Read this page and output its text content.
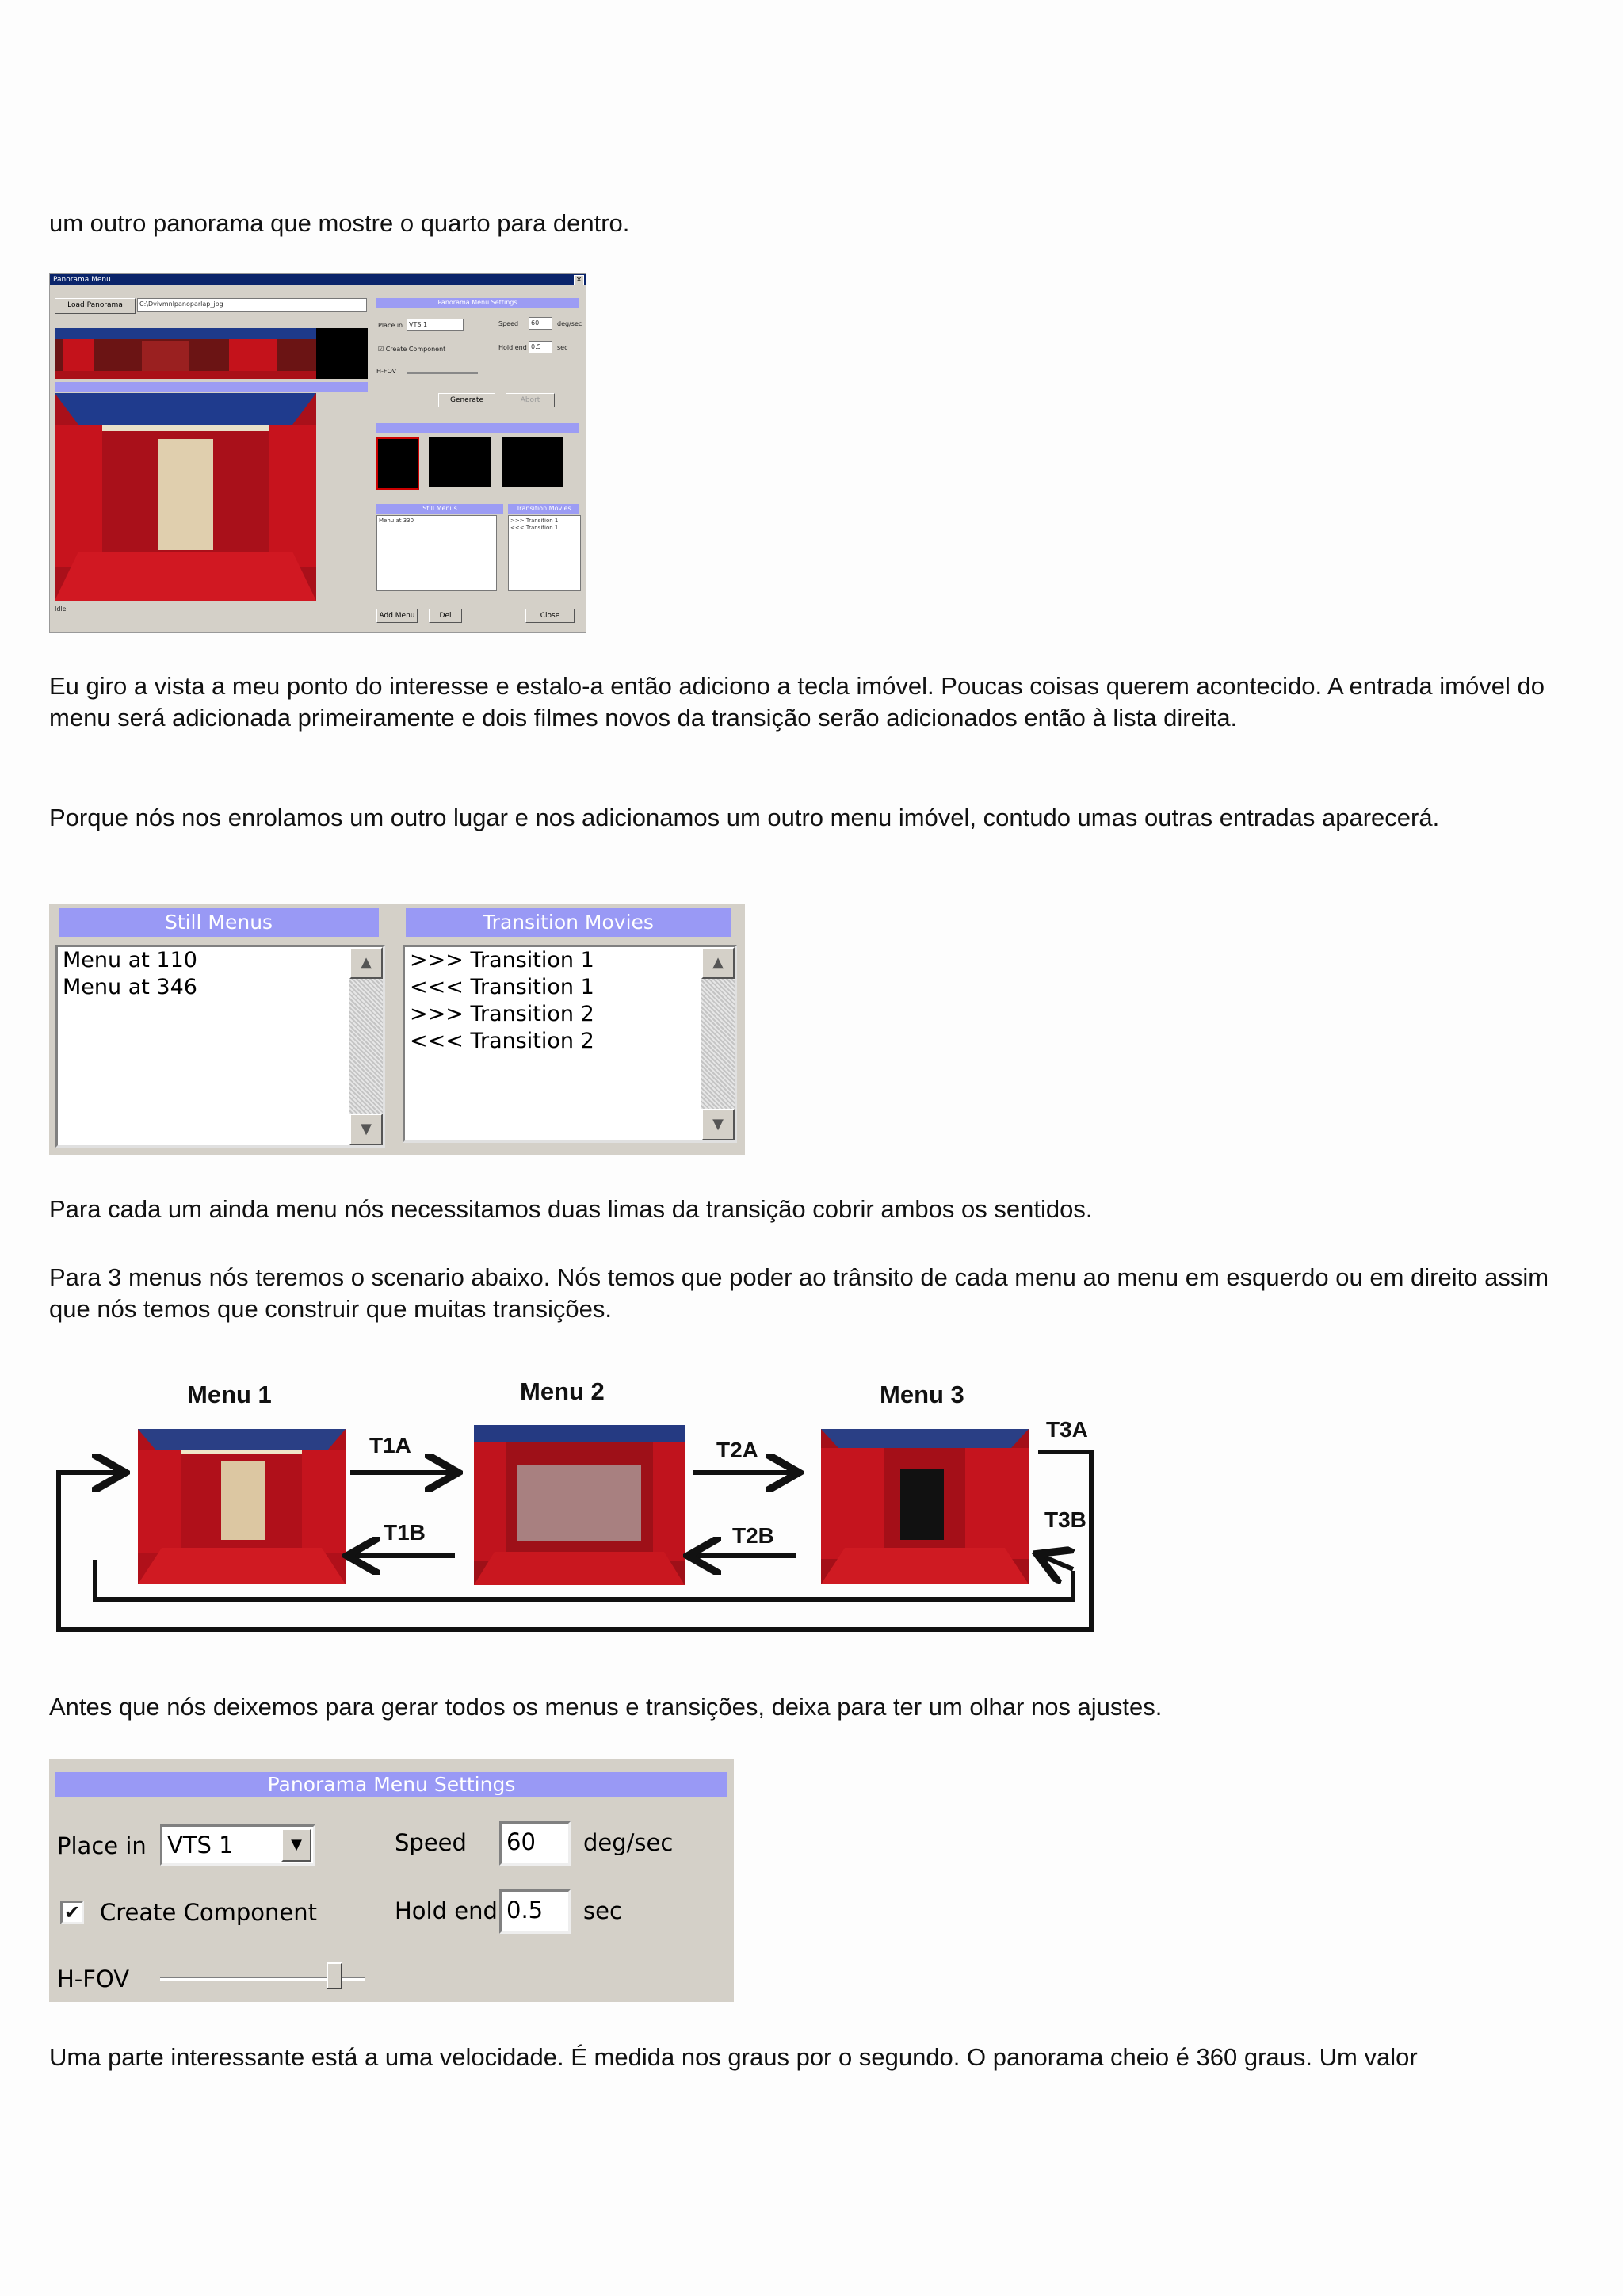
um outro panorama que mostre o quarto para dentro.

Panorama Menu	×
Load Panorama	C:\Dvivmnlpanoparlap_jpg	Panorama Menu Settings
Place in VTS 1	Speed	60	deg/sec
☑ Create Component	Hold end 0.5	sec
H-FOV
Generate	Abort
Still Menus
Menu at 330
Transition Movies
>>> Transition 1
<<< Transition 1
Idle
Add Menu	Del	Close

Eu giro a vista a meu ponto do interesse e estalo-a então adiciono a tecla imóvel. Poucas coisas querem acontecido. A entrada imóvel do menu será adicionada primeiramente e dois filmes novos da transição serão adicionados então à lista direita.

Porque nós nos enrolamos um outro lugar e nos adicionamos um outro menu imóvel, contudo umas outras entradas aparecerá.

Still Menus
Menu at 110
Menu at 346
▲
▼
Transition Movies
>>> Transition 1
<<< Transition 1
>>> Transition 2
<<< Transition 2
▲
▼

Para cada um ainda menu nós necessitamos duas limas da transição cobrir ambos os sentidos.

Para 3 menus nós teremos o scenario abaixo. Nós temos que poder ao trânsito de cada menu ao menu em esquerdo ou em direito assim que nós temos que construir que muitas transições.

Menu 1	Menu 2	Menu 3
T1A
T1B
T2A
T2B
T3A
T3B

Antes que nós deixemos para gerar todos os menus e transições, deixa para ter um olhar nos ajustes.

Panorama Menu Settings
Place in VTS 1	▼	Speed	60	deg/sec
✔ Create Component	Hold end 0.5	sec
H-FOV

Uma parte interessante está a uma velocidade. É medida nos graus por o segundo. O panorama cheio é 360 graus. Um valor
